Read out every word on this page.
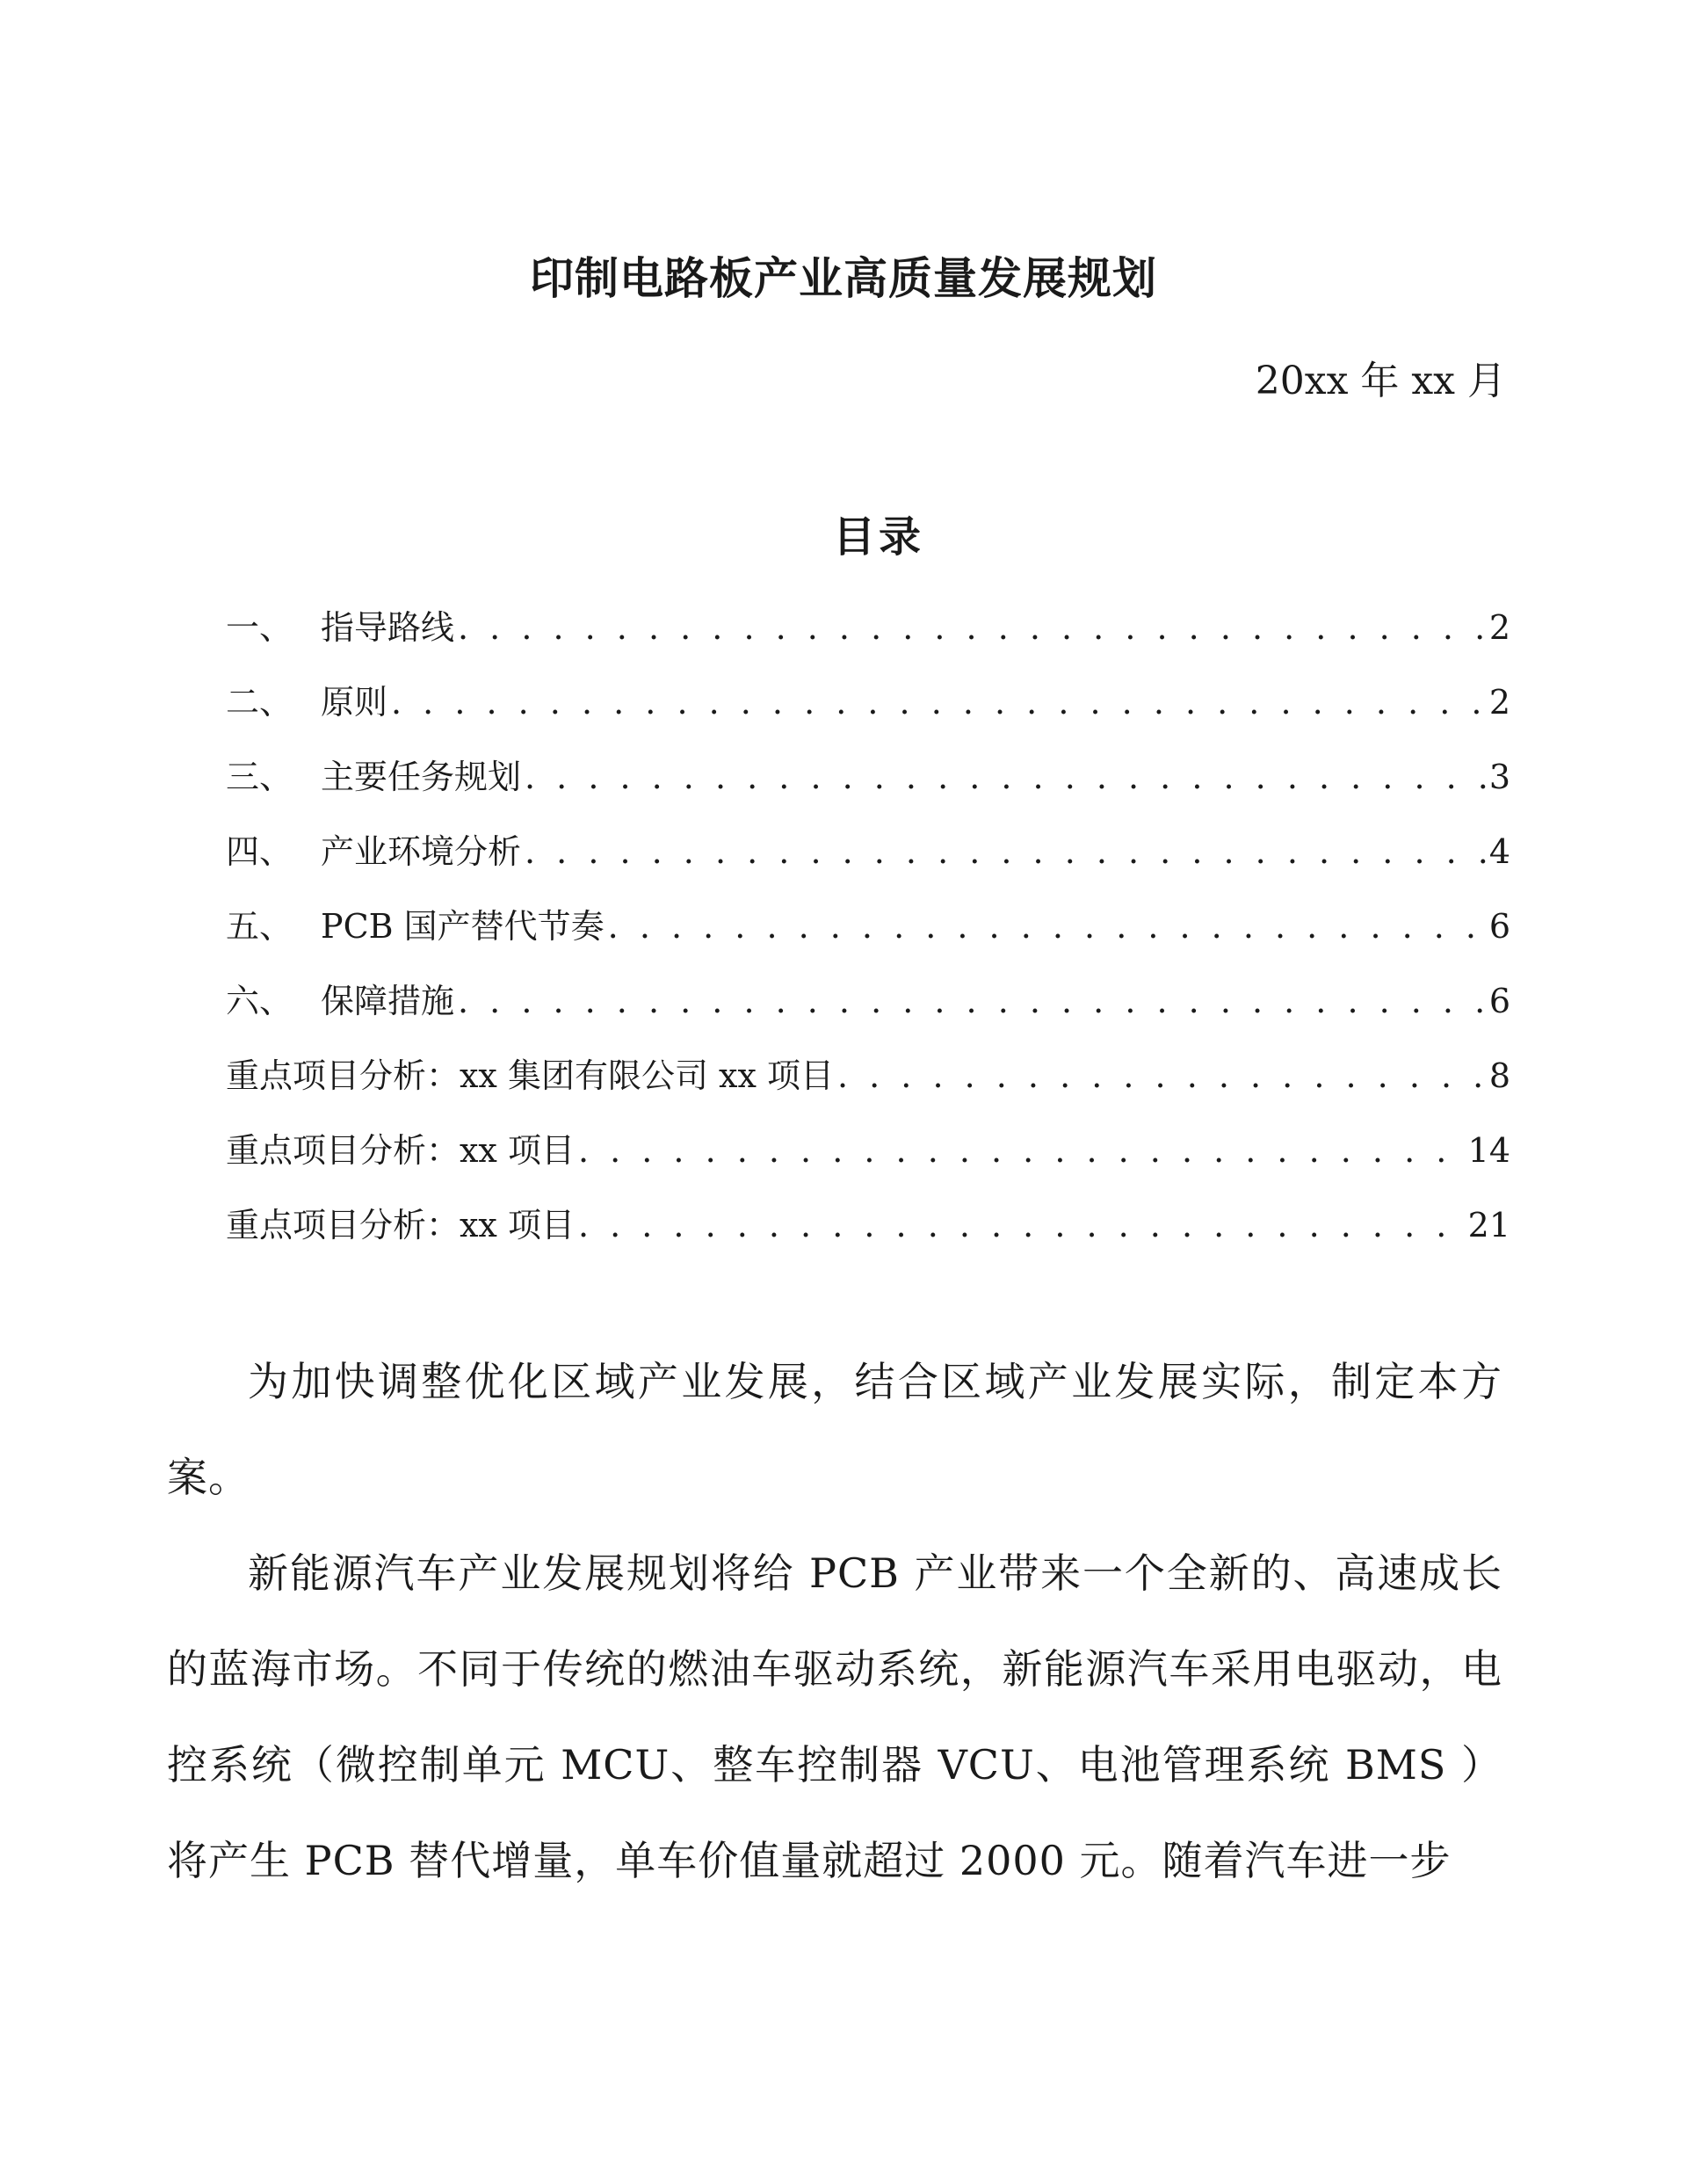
印制电路板产业高质量发展规划
20xx 年 xx 月
目录
一、 指导路线 . . .	2
二、 原则 . . .	2
三、 主要任务规划 . . .	3
四、 产业环境分析 . . .	4
五、 PCB 国产替代节奏 . . .	6
六、 保障措施 . . .	6
重点项目分析：xx 集团有限公司 xx 项目 . . .	8
重点项目分析：xx 项目 . . .	14
重点项目分析：xx 项目 . . .	21

为加快调整优化区域产业发展，结合区域产业发展实际，制定本方案。

新能源汽车产业发展规划将给 PCB 产业带来一个全新的、高速成长的蓝海市场。不同于传统的燃油车驱动系统，新能源汽车采用电驱动，电控系统（微控制单元 MCU、整车控制器 VCU、电池管理系统 BMS ）将产生 PCB 替代增量，单车价值量就超过 2000 元。随着汽车进一步
